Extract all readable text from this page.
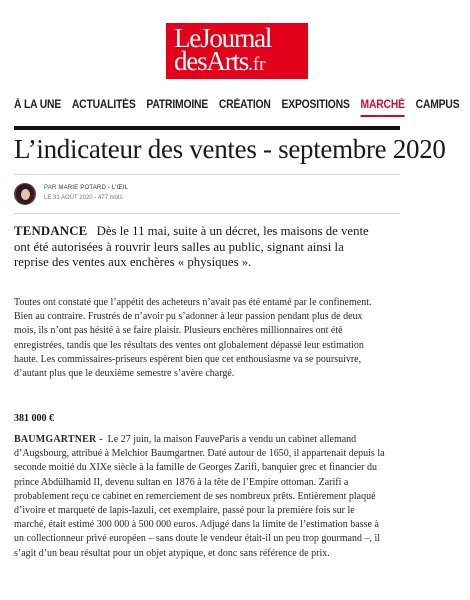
LeJournal
desArts.fr
À LA UNE ACTUALITÉS PATRIMOINE CRÉATION EXPOSITIONS MARCHÉ CAMPUS
L’indicateur des ventes - septembre 2020
PAR MARIE POTARD - L’ŒIL
LE 31 AOÛT 2020 - 477 mots
TENDANCE Dès le 11 mai, suite à un décret, les maisons de vente ont été autorisées à rouvrir leurs salles au public, signant ainsi la reprise des ventes aux enchères « physiques ».
Toutes ont constaté que l’appétit des acheteurs n’avait pas été entamé par le confinement. Bien au contraire. Frustrés de n’avoir pu s’adonner à leur passion pendant plus de deux mois, ils n’ont pas hésité à se faire plaisir. Plusieurs enchères millionnaires ont été enregistrées, tandis que les résultats des ventes ont globalement dépassé leur estimation haute. Les commissaires-priseurs espèrent bien que cet enthousiasme va se poursuivre, d’autant plus que le deuxième semestre s’avère chargé.
381 000 €
BAUMGARTNER - Le 27 juin, la maison FauveParis a vendu un cabinet allemand d’Augsbourg, attribué à Melchior Baumgartner. Daté autour de 1650, il appartenait depuis la seconde moitié du XIXe siècle à la famille de Georges Zarifi, banquier grec et financier du prince Abdülhamid II, devenu sultan en 1876 à la tête de l’Empire ottoman. Zarifi a probablement reçu ce cabinet en remerciement de ses nombreux prêts. Entièrement plaqué d’ivoire et marqueté de lapis-lazuli, cet exemplaire, passé pour la première fois sur le marché, était estimé 300 000 à 500 000 euros. Adjugé dans la limite de l’estimation basse à un collectionneur privé européen – sans doute le vendeur était-il un peu trop gourmand –, il s’agit d’un beau résultat pour un objet atypique, et donc sans référence de prix.
